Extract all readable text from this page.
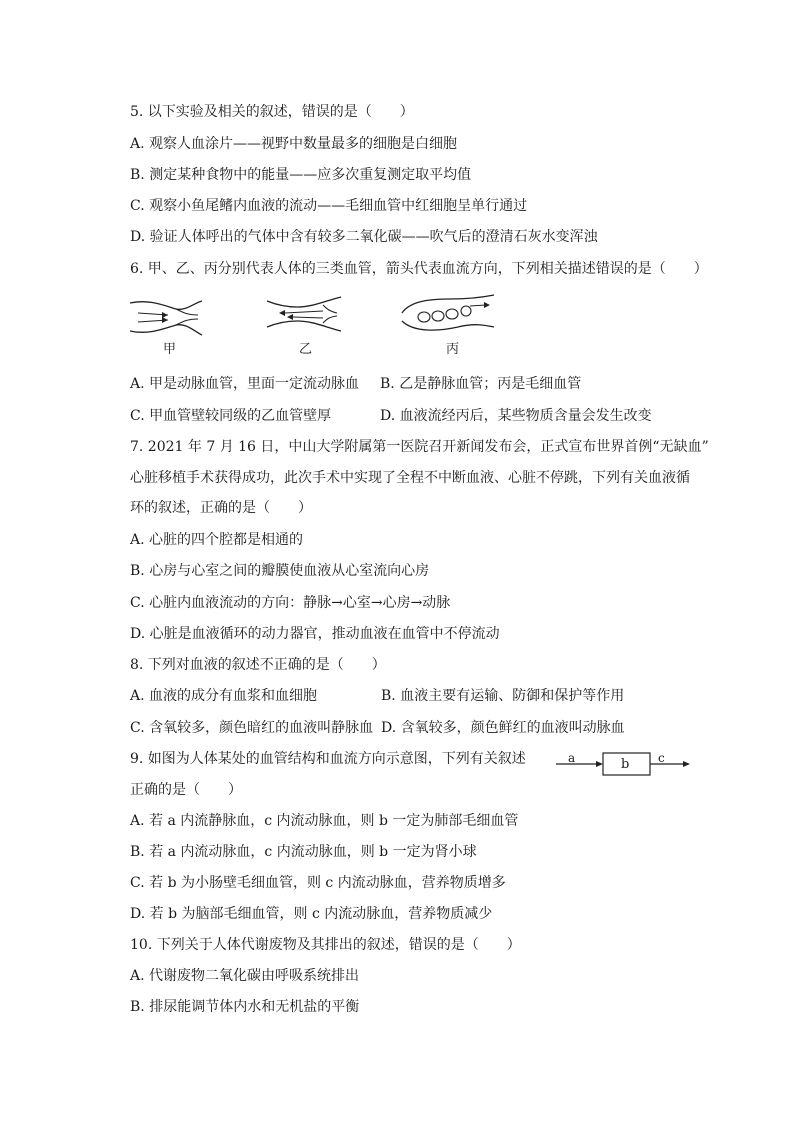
5. 以下实验及相关的叙述，错误的是（　　）
A. 观察人血涂片——视野中数量最多的细胞是白细胞
B. 测定某种食物中的能量——应多次重复测定取平均值
C. 观察小鱼尾鳍内血液的流动——毛细血管中红细胞呈单行通过
D. 验证人体呼出的气体中含有较多二氧化碳——吹气后的澄清石灰水变浑浊
6. 甲、乙、丙分别代表人体的三类血管，箭头代表血流方向，下列相关描述错误的是（　　）
甲	乙	丙
A. 甲是动脉血管，里面一定流动脉血 B. 乙是静脉血管；丙是毛细血管
C. 甲血管壁较同级的乙血管壁厚	D. 血液流经丙后，某些物质含量会发生改变
7. 2021 年 7 月 16 日，中山大学附属第一医院召开新闻发布会，正式宣布世界首例“无缺血”
心脏移植手术获得成功，此次手术中实现了全程不中断血液、心脏不停跳，下列有关血液循
环的叙述，正确的是（　　）
A. 心脏的四个腔都是相通的
B. 心房与心室之间的瓣膜使血液从心室流向心房
C. 心脏内血液流动的方向：静脉→心室→心房→动脉
D. 心脏是血液循环的动力器官，推动血液在血管中不停流动
8. 下列对血液的叙述不正确的是（　　）
A. 血液的成分有血浆和血细胞	B. 血液主要有运输、防御和保护等作用
C. 含氧较多，颜色暗红的血液叫静脉血 D. 含氧较多，颜色鲜红的血液叫动脉血
9. 如图为人体某处的血管结构和血流方向示意图，下列有关叙述
正确的是（　　）
a	b c
A. 若 a 内流静脉血，c 内流动脉血，则 b 一定为肺部毛细血管
B. 若 a 内流动脉血，c 内流动脉血，则 b 一定为肾小球
C. 若 b 为小肠壁毛细血管，则 c 内流动脉血，营养物质增多
D. 若 b 为脑部毛细血管，则 c 内流动脉血，营养物质减少
10. 下列关于人体代谢废物及其排出的叙述，错误的是（　　）
A. 代谢废物二氧化碳由呼吸系统排出
B. 排尿能调节体内水和无机盐的平衡
